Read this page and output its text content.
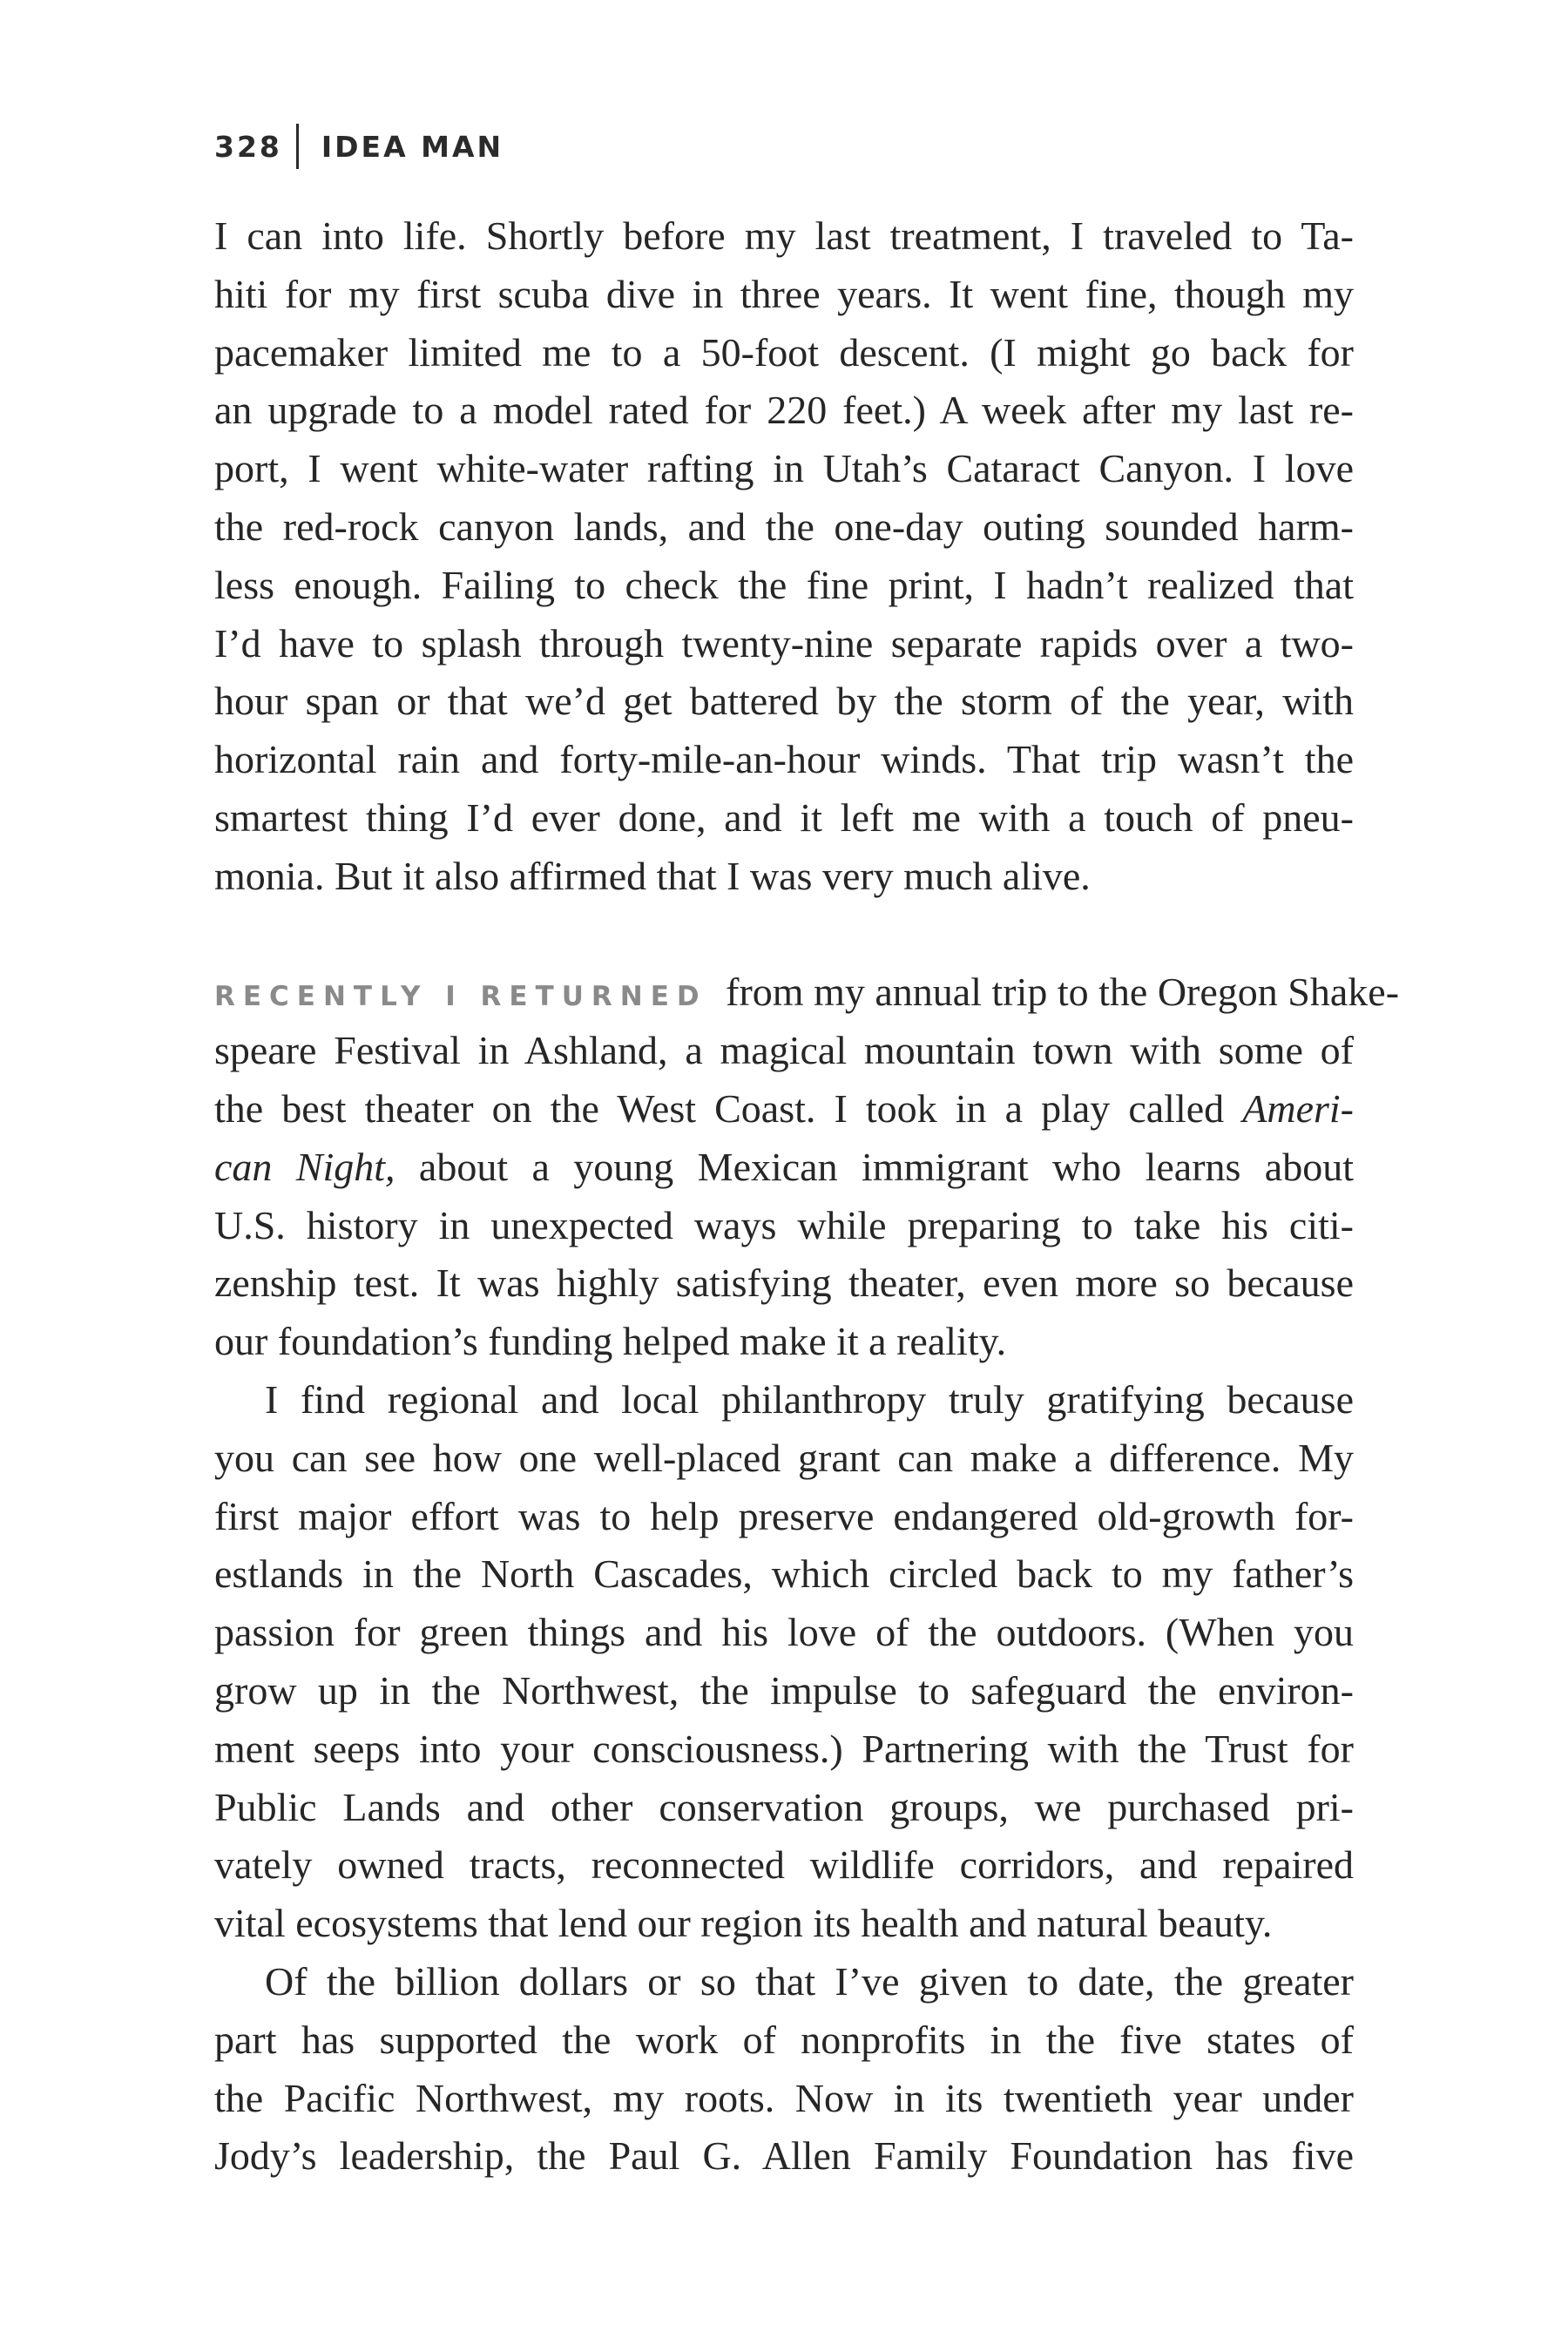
328 IDEA MAN
I can into life. Shortly before my last treatment, I traveled to Ta-
hiti for my first scuba dive in three years. It went fine, though my
pacemaker limited me to a 50-foot descent. (I might go back for
an upgrade to a model rated for 220 feet.) A week after my last re-
port, I went white-water rafting in Utah’s Cataract Canyon. I love
the red-rock canyon lands, and the one-day outing sounded harm-
less enough. Failing to check the fine print, I hadn’t realized that
I’d have to splash through twenty-nine separate rapids over a two-
hour span or that we’d get battered by the storm of the year, with
horizontal rain and forty-mile-an-hour winds. That trip wasn’t the
smartest thing I’d ever done, and it left me with a touch of pneu-
monia. But it also affirmed that I was very much alive.
RECENTLY I RETURNED from my annual trip to the Oregon Shake-
speare Festival in Ashland, a magical mountain town with some of
the best theater on the West Coast. I took in a play called Ameri-
can Night, about a young Mexican immigrant who learns about
U.S. history in unexpected ways while preparing to take his citi-
zenship test. It was highly satisfying theater, even more so because
our foundation’s funding helped make it a reality.
I find regional and local philanthropy truly gratifying because
you can see how one well-placed grant can make a difference. My
first major effort was to help preserve endangered old-growth for-
estlands in the North Cascades, which circled back to my father’s
passion for green things and his love of the outdoors. (When you
grow up in the Northwest, the impulse to safeguard the environ-
ment seeps into your consciousness.) Partnering with the Trust for
Public Lands and other conservation groups, we purchased pri-
vately owned tracts, reconnected wildlife corridors, and repaired
vital ecosystems that lend our region its health and natural beauty.
Of the billion dollars or so that I’ve given to date, the greater
part has supported the work of nonprofits in the five states of
the Pacific Northwest, my roots. Now in its twentieth year under
Jody’s leadership, the Paul G. Allen Family Foundation has five
